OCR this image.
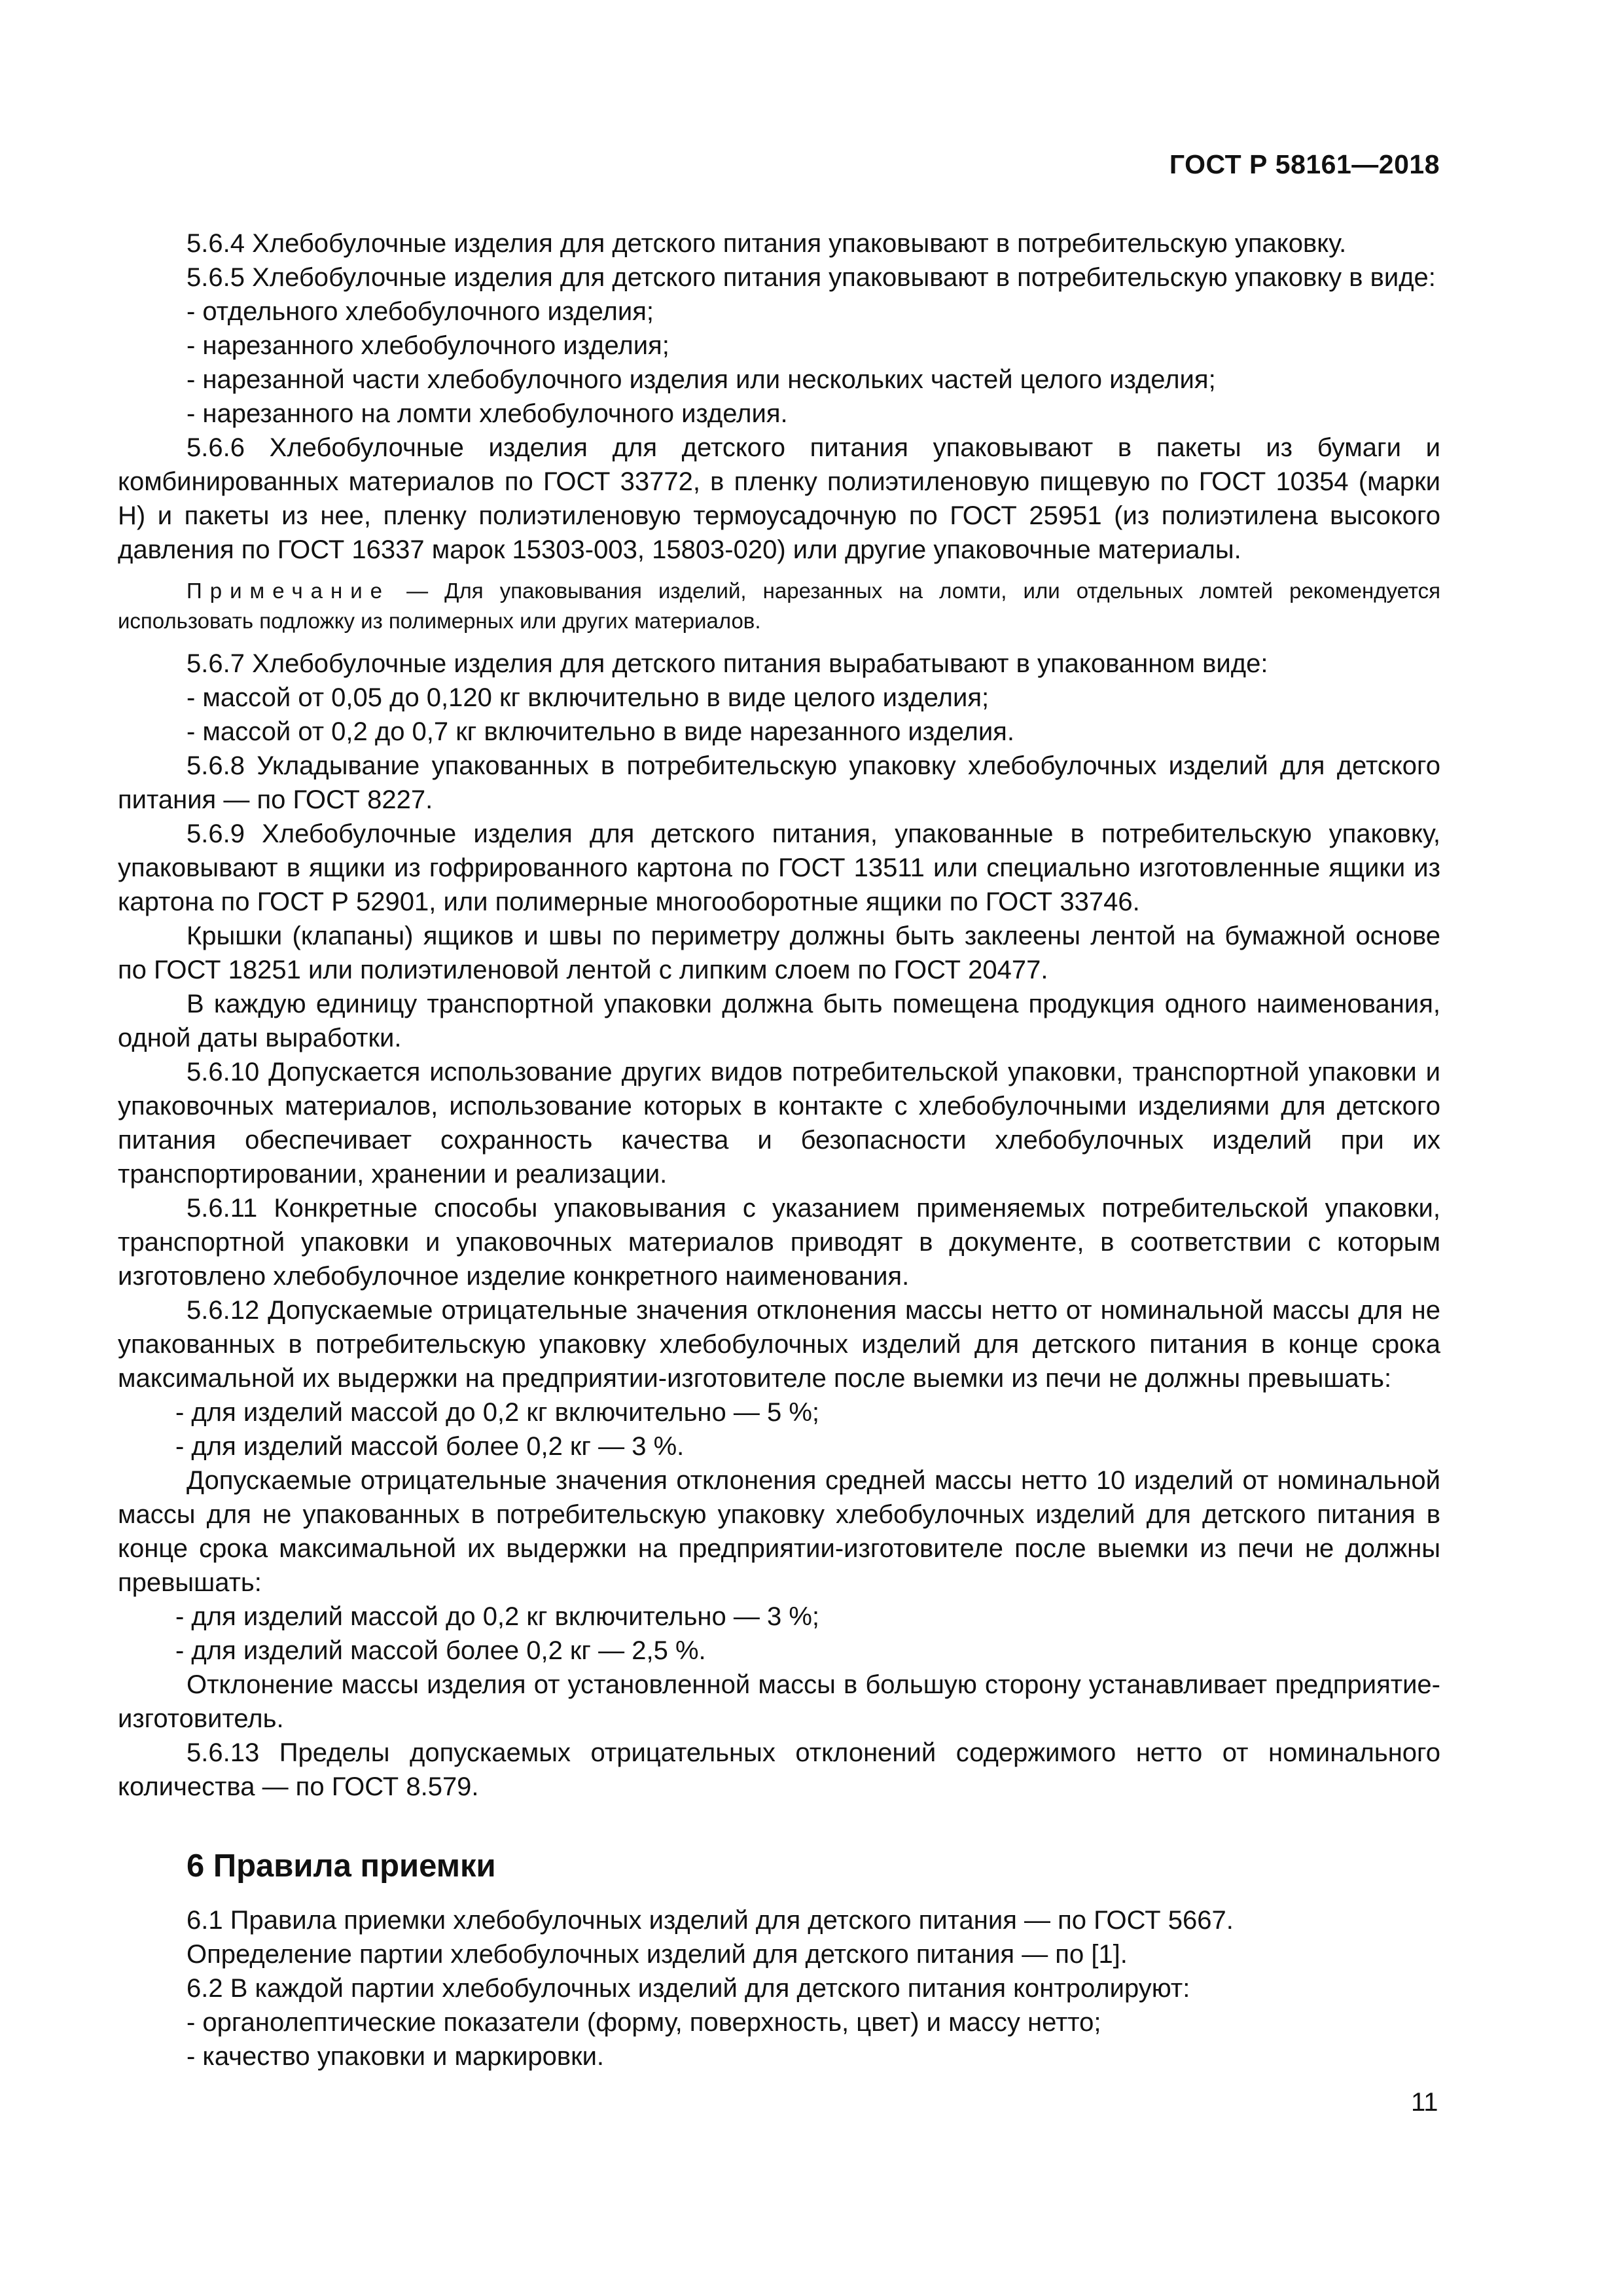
ГОСТ Р 58161—2018

5.6.4 Хлебобулочные изделия для детского питания упаковывают в потребительскую упаковку.

5.6.5 Хлебобулочные изделия для детского питания упаковывают в потребительскую упаковку в виде:

- отдельного хлебобулочного изделия;

- нарезанного хлебобулочного изделия;

- нарезанной части хлебобулочного изделия или нескольких частей целого изделия;

- нарезанного на ломти хлебобулочного изделия.

5.6.6 Хлебобулочные изделия для детского питания упаковывают в пакеты из бумаги и комбинированных материалов по ГОСТ 33772, в пленку полиэтиленовую пищевую по ГОСТ 10354 (марки Н) и пакеты из нее, пленку полиэтиленовую термоусадочную по ГОСТ 25951 (из полиэтилена высокого давления по ГОСТ 16337 марок 15303-003, 15803-020) или другие упаковочные материалы.

Примечание — Для упаковывания изделий, нарезанных на ломти, или отдельных ломтей рекомендуется использовать подложку из полимерных или других материалов.

5.6.7 Хлебобулочные изделия для детского питания вырабатывают в упакованном виде:

- массой от 0,05 до 0,120 кг включительно в виде целого изделия;

- массой от 0,2 до 0,7 кг включительно в виде нарезанного изделия.

5.6.8 Укладывание упакованных в потребительскую упаковку хлебобулочных изделий для детского питания — по ГОСТ 8227.

5.6.9 Хлебобулочные изделия для детского питания, упакованные в потребительскую упаковку, упаковывают в ящики из гофрированного картона по ГОСТ 13511 или специально изготовленные ящики из картона по ГОСТ Р 52901, или полимерные многооборотные ящики по ГОСТ 33746.

Крышки (клапаны) ящиков и швы по периметру должны быть заклеены лентой на бумажной основе по ГОСТ 18251 или полиэтиленовой лентой с липким слоем по ГОСТ 20477.

В каждую единицу транспортной упаковки должна быть помещена продукция одного наименования, одной даты выработки.

5.6.10 Допускается использование других видов потребительской упаковки, транспортной упаковки и упаковочных материалов, использование которых в контакте с хлебобулочными изделиями для детского питания обеспечивает сохранность качества и безопасности хлебобулочных изделий при их транспортировании, хранении и реализации.

5.6.11 Конкретные способы упаковывания с указанием применяемых потребительской упаковки, транспортной упаковки и упаковочных материалов приводят в документе, в соответствии с которым изготовлено хлебобулочное изделие конкретного наименования.

5.6.12 Допускаемые отрицательные значения отклонения массы нетто от номинальной массы для не упакованных в потребительскую упаковку хлебобулочных изделий для детского питания в конце срока максимальной их выдержки на предприятии-изготовителе после выемки из печи не должны превышать:

- для изделий массой до 0,2 кг включительно — 5 %;

- для изделий массой более 0,2 кг — 3 %.

Допускаемые отрицательные значения отклонения средней массы нетто 10 изделий от номинальной массы для не упакованных в потребительскую упаковку хлебобулочных изделий для детского питания в конце срока максимальной их выдержки на предприятии-изготовителе после выемки из печи не должны превышать:

- для изделий массой до 0,2 кг включительно — 3 %;

- для изделий массой более 0,2 кг — 2,5 %.

Отклонение массы изделия от установленной массы в большую сторону устанавливает предприятие-изготовитель.

5.6.13 Пределы допускаемых отрицательных отклонений содержимого нетто от номинального количества — по ГОСТ 8.579.

6 Правила приемки

6.1 Правила приемки хлебобулочных изделий для детского питания — по ГОСТ 5667.

Определение партии хлебобулочных изделий для детского питания — по [1].

6.2 В каждой партии хлебобулочных изделий для детского питания контролируют:

- органолептические показатели (форму, поверхность, цвет) и массу нетто;

- качество упаковки и маркировки.

11
